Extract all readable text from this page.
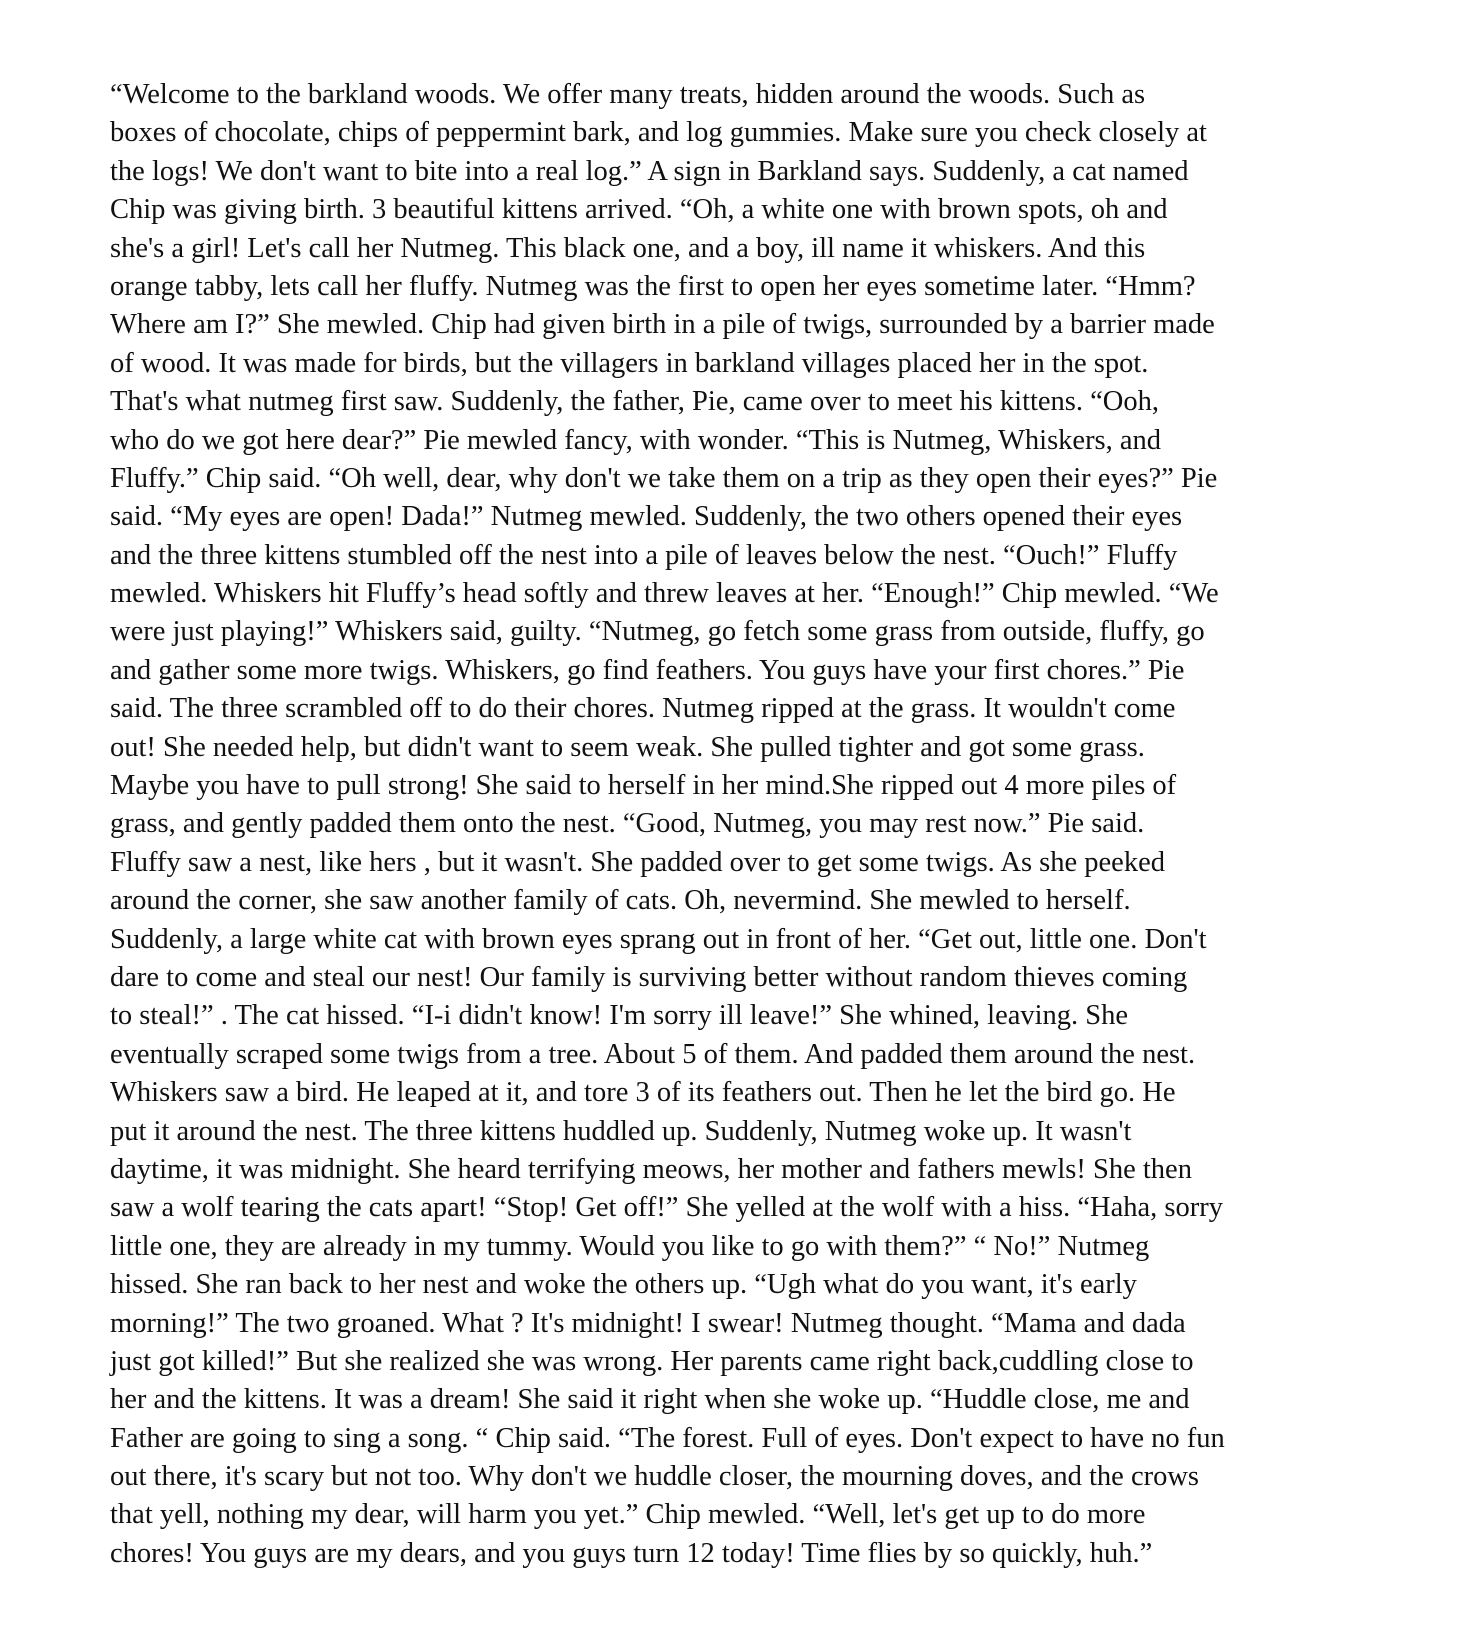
“Welcome to the barkland woods. We offer many treats, hidden around the woods. Such as
boxes of chocolate, chips of peppermint bark, and log gummies. Make sure you check closely at
the logs! We don't want to bite into a real log.” A sign in Barkland says. Suddenly, a cat named
Chip was giving birth. 3 beautiful kittens arrived. “Oh, a white one with brown spots, oh and
she's a girl! Let's call her Nutmeg. This black one, and a boy, ill name it whiskers. And this
orange tabby, lets call her fluffy. Nutmeg was the first to open her eyes sometime later. “Hmm?
Where am I?” She mewled. Chip had given birth in a pile of twigs, surrounded by a barrier made
of wood. It was made for birds, but the villagers in barkland villages placed her in the spot.
That's what nutmeg first saw. Suddenly, the father, Pie, came over to meet his kittens. “Ooh,
who do we got here dear?” Pie mewled fancy, with wonder. “This is Nutmeg, Whiskers, and
Fluffy.” Chip said. “Oh well, dear, why don't we take them on a trip as they open their eyes?” Pie
said. “My eyes are open! Dada!” Nutmeg mewled. Suddenly, the two others opened their eyes
and the three kittens stumbled off the nest into a pile of leaves below the nest. “Ouch!” Fluffy
mewled. Whiskers hit Fluffy’s head softly and threw leaves at her. “Enough!” Chip mewled. “We
were just playing!” Whiskers said, guilty. “Nutmeg, go fetch some grass from outside, fluffy, go
and gather some more twigs. Whiskers, go find feathers. You guys have your first chores.” Pie
said. The three scrambled off to do their chores. Nutmeg ripped at the grass. It wouldn't come
out! She needed help, but didn't want to seem weak. She pulled tighter and got some grass.
Maybe you have to pull strong! She said to herself in her mind.She ripped out 4 more piles of
grass, and gently padded them onto the nest. “Good, Nutmeg, you may rest now.” Pie said.
Fluffy saw a nest, like hers , but it wasn't. She padded over to get some twigs. As she peeked
around the corner, she saw another family of cats. Oh, nevermind. She mewled to herself.
Suddenly, a large white cat with brown eyes sprang out in front of her. “Get out, little one. Don't
dare to come and steal our nest! Our family is surviving better without random thieves coming
to steal!” . The cat hissed. “I-i didn't know! I'm sorry ill leave!” She whined, leaving. She
eventually scraped some twigs from a tree. About 5 of them. And padded them around the nest.
Whiskers saw a bird. He leaped at it, and tore 3 of its feathers out. Then he let the bird go. He
put it around the nest. The three kittens huddled up. Suddenly, Nutmeg woke up. It wasn't
daytime, it was midnight. She heard terrifying meows, her mother and fathers mewls! She then
saw a wolf tearing the cats apart! “Stop! Get off!” She yelled at the wolf with a hiss. “Haha, sorry
little one, they are already in my tummy. Would you like to go with them?” “ No!” Nutmeg
hissed. She ran back to her nest and woke the others up. “Ugh what do you want, it's early
morning!” The two groaned. What ? It's midnight! I swear! Nutmeg thought. “Mama and dada
just got killed!” But she realized she was wrong. Her parents came right back,cuddling close to
her and the kittens. It was a dream! She said it right when she woke up. “Huddle close, me and
Father are going to sing a song. “ Chip said. “The forest. Full of eyes. Don't expect to have no fun
out there, it's scary but not too. Why don't we huddle closer, the mourning doves, and the crows
that yell, nothing my dear, will harm you yet.” Chip mewled. “Well, let's get up to do more
chores! You guys are my dears, and you guys turn 12 today! Time flies by so quickly, huh.”
